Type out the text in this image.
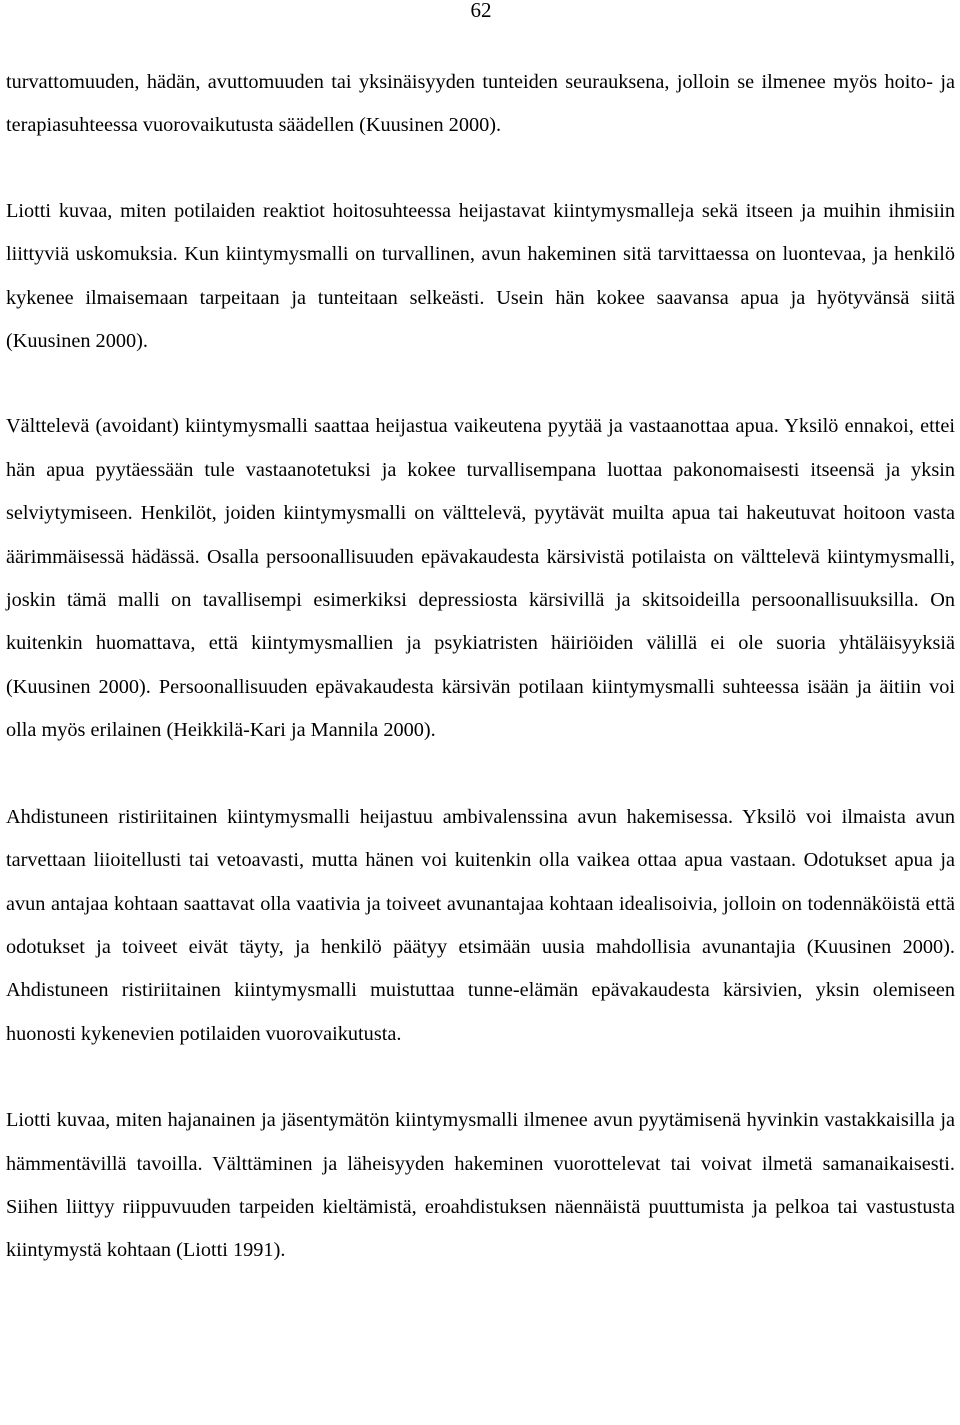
62

turvattomuuden, hädän, avuttomuuden tai yksinäisyyden tunteiden seurauksena, jolloin se ilmenee myös hoito- ja terapiasuhteessa vuorovaikutusta säädellen (Kuusinen 2000).

Liotti kuvaa, miten potilaiden reaktiot hoitosuhteessa heijastavat kiintymysmalleja sekä itseen ja muihin ihmisiin liittyviä uskomuksia. Kun kiintymysmalli on turvallinen, avun hakeminen sitä tarvittaessa on luontevaa, ja henkilö kykenee ilmaisemaan tarpeitaan ja tunteitaan selkeästi. Usein hän kokee saavansa apua ja hyötyvänsä siitä (Kuusinen 2000).

Välttelevä (avoidant) kiintymysmalli saattaa heijastua vaikeutena pyytää ja vastaanottaa apua. Yksilö ennakoi, ettei hän apua pyytäessään tule vastaanotetuksi ja kokee turvallisempana luottaa pakonomaisesti itseensä ja yksin selviytymiseen. Henkilöt, joiden kiintymysmalli on välttelevä, pyytävät muilta apua tai hakeutuvat hoitoon vasta äärimmäisessä hädässä. Osalla persoonallisuuden epävakaudesta kärsivistä potilaista on välttelevä kiintymysmalli, joskin tämä malli on tavallisempi esimerkiksi depressiosta kärsivillä ja skitsoideilla persoonallisuuksilla. On kuitenkin huomattava, että kiintymysmallien ja psykiatristen häiriöiden välillä ei ole suoria yhtäläisyyksiä (Kuusinen 2000). Persoonallisuuden epävakaudesta kärsivän potilaan kiintymysmalli suhteessa isään ja äitiin voi olla myös erilainen (Heikkilä-Kari ja Mannila 2000).

Ahdistuneen ristiriitainen kiintymysmalli heijastuu ambivalenssina avun hakemisessa. Yksilö voi ilmaista avun tarvettaan liioitellusti tai vetoavasti, mutta hänen voi kuitenkin olla vaikea ottaa apua vastaan. Odotukset apua ja avun antajaa kohtaan saattavat olla vaativia ja toiveet avunantajaa kohtaan idealisoivia, jolloin on todennäköistä että odotukset ja toiveet eivät täyty, ja henkilö päätyy etsimään uusia mahdollisia avunantajia (Kuusinen 2000). Ahdistuneen ristiriitainen kiintymysmalli muistuttaa tunne-elämän epävakaudesta kärsivien, yksin olemiseen huonosti kykenevien potilaiden vuorovaikutusta.

Liotti kuvaa, miten hajanainen ja jäsentymätön kiintymysmalli ilmenee avun pyytämisenä hyvinkin vastakkaisilla ja hämmentävillä tavoilla. Välttäminen ja läheisyyden hakeminen vuorottelevat tai voivat ilmetä samanaikaisesti. Siihen liittyy riippuvuuden tarpeiden kieltämistä, eroahdistuksen näennäistä puuttumista ja pelkoa tai vastustusta kiintymystä kohtaan (Liotti 1991).
